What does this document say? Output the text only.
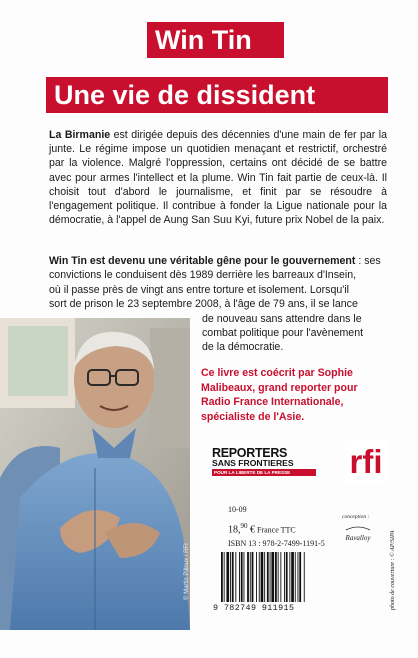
Win Tin
Une vie de dissident

La Birmanie est dirigée depuis des décennies d'une main de fer par la junte. Le régime impose un quotidien menaçant et restrictif, orchestré par la violence. Malgré l'oppression, certains ont décidé de se battre avec pour armes l'intellect et la plume. Win Tin fait partie de ceux-là. Il choisit tout d'abord le journalisme, et finit par se résoudre à l'engagement politique. Il contribue à fonder la Ligue nationale pour la démocratie, à l'appel de Aung San Suu Kyi, future prix Nobel de la paix.

Win Tin est devenu une véritable gêne pour le gouvernement : ses
convictions le conduisent dès 1989 derrière les barreaux d'Insein,
où il passe près de vingt ans entre torture et isolement. Lorsqu'il
sort de prison le 23 septembre 2008, à l'âge de 79 ans, il se lance
de nouveau sans attendre dans le
combat politique pour l'avènement
de la démocratie.
© Martin Pilloux / RFI
Ce livre est coécrit par Sophie Malibeaux, grand reporter pour Radio France Internationale, spécialiste de l'Asie.
REPORTERS
SANS FRONTIERES
POUR LA LIBERTE DE LA PRESSE	rfi
10-09
18,90 € France TTC
ISBN 13 : 978-2-7499-1191-5
9 782749 911915
conception :
Ravalloy	photo de couverture : © AP/SIPA
